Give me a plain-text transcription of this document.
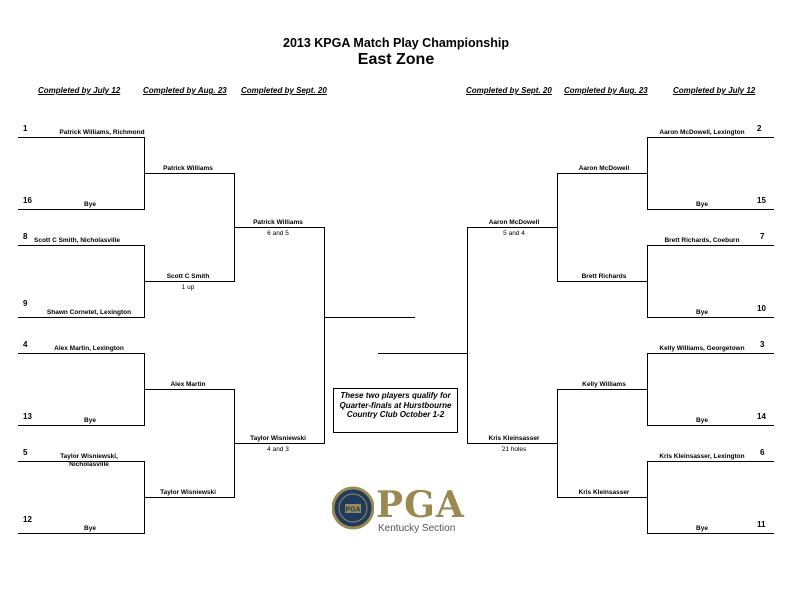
2013 KPGA Match Play Championship
East Zone
Completed by July 12	Completed by Aug. 23 Completed by Sept. 20	Completed by Sept. 20 Completed by Aug. 23	Completed by July 12
1	Patrick Williams, Richmond
16	Bye
8	Scott C Smith, Nicholasville
9
Shawn Cornetet, Lexington
4	Alex Martin, Lexington
13	Bye
5	Taylor Wisniewski, Nicholasville
12
Bye
Patrick Williams
Scott C Smith
1 up
Alex Martin
Taylor Wisniewski
Patrick Williams
6 and 5
Taylor Wisniewski
4 and 3
2
Aaron McDowell, Lexington
15
Bye
7
Brett Richards, Coeburn
10
Bye
3
Kelly Williams, Georgetown
14
Bye
6
Kris Kleinsasser, Lexington
11
Bye
Aaron McDowell
Brett Richards
Kelly Williams
Kris Kleinsasser
Aaron McDowell
5 and 4
Kris Kleinsasser
21 holes
These two players qualify for Quarter-finals at Hurstbourne Country Club October 1-2
PGA PGA
Kentucky Section
